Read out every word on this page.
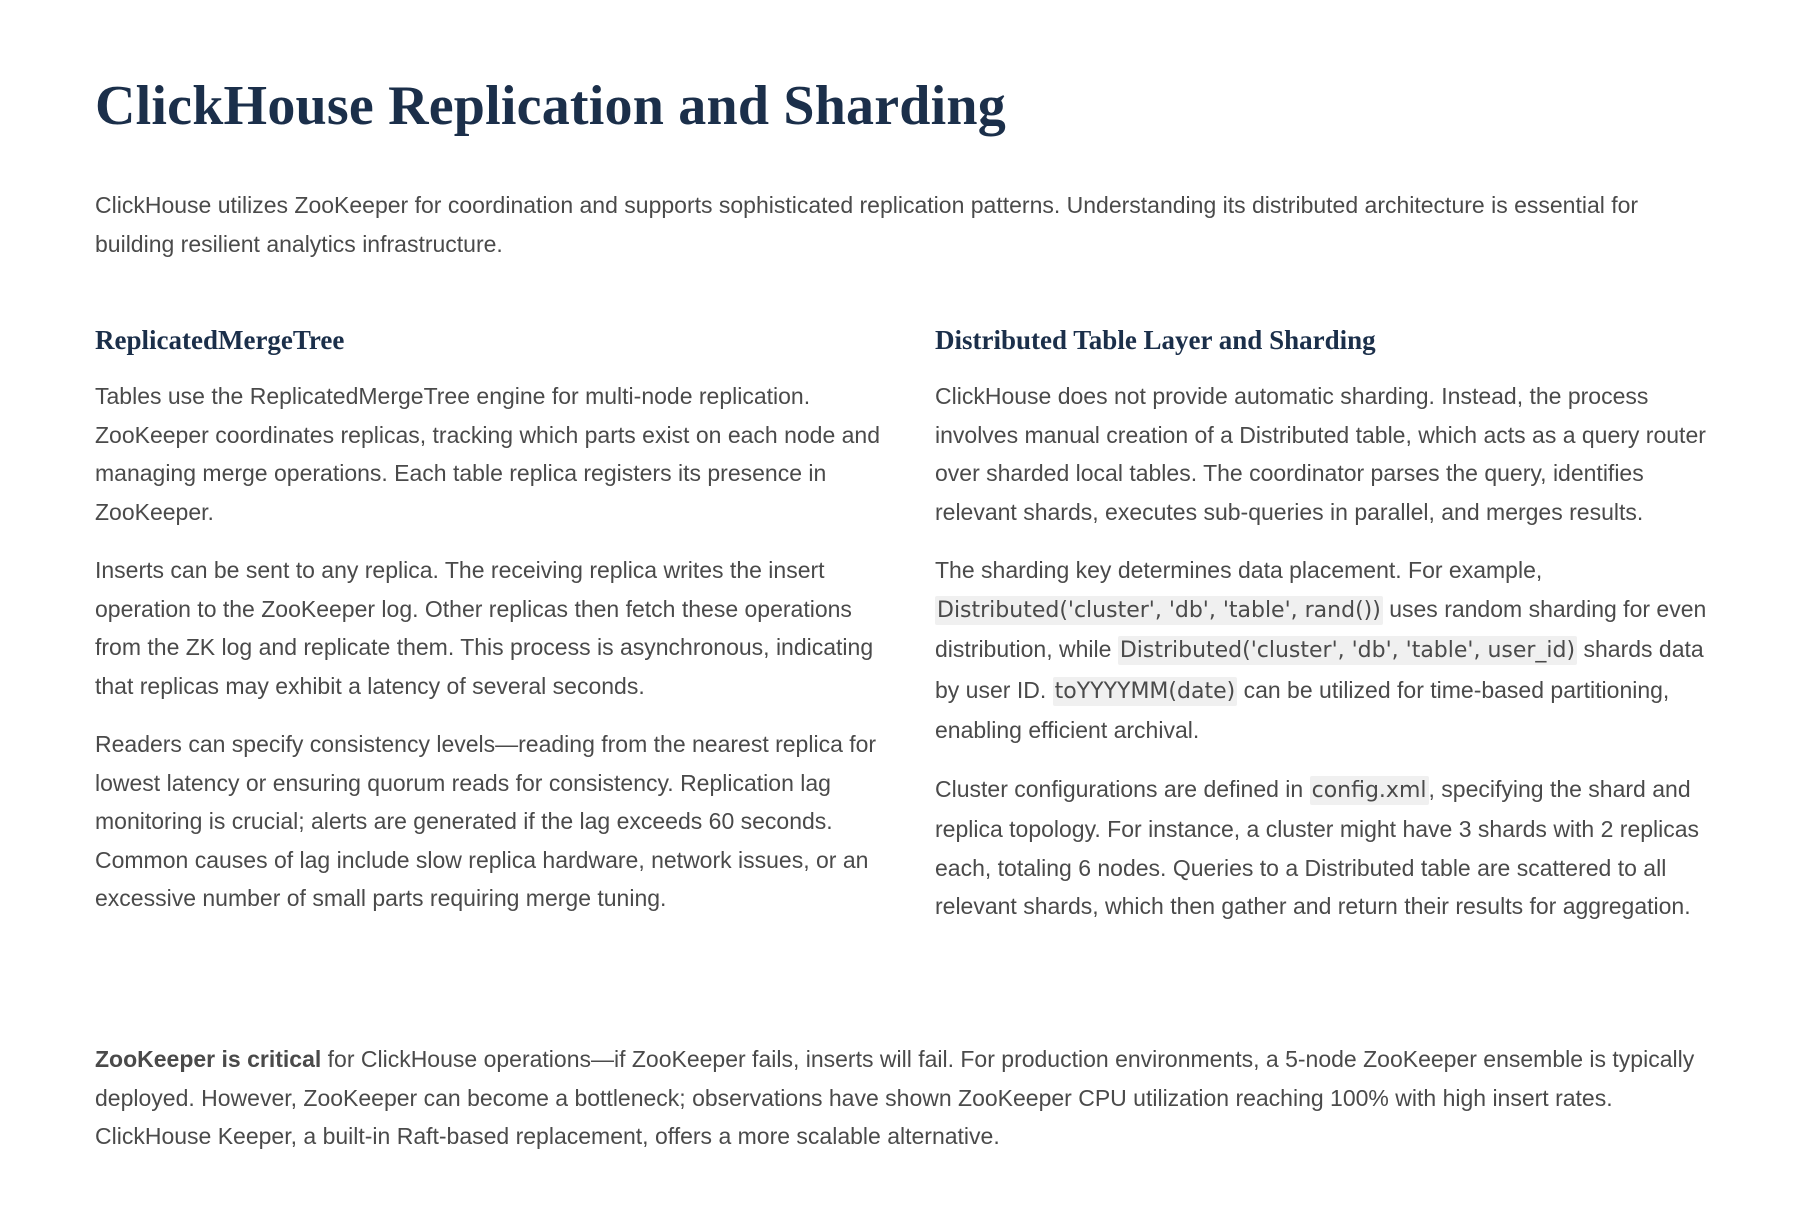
ClickHouse Replication and Sharding

ClickHouse utilizes ZooKeeper for coordination and supports sophisticated replication patterns. Understanding its distributed architecture is essential for building resilient analytics infrastructure.

ReplicatedMergeTree

Tables use the ReplicatedMergeTree engine for multi-node replication. ZooKeeper coordinates replicas, tracking which parts exist on each node and managing merge operations. Each table replica registers its presence in ZooKeeper.

Inserts can be sent to any replica. The receiving replica writes the insert operation to the ZooKeeper log. Other replicas then fetch these operations from the ZK log and replicate them. This process is asynchronous, indicating that replicas may exhibit a latency of several seconds.

Readers can specify consistency levels—reading from the nearest replica for lowest latency or ensuring quorum reads for consistency. Replication lag monitoring is crucial; alerts are generated if the lag exceeds 60 seconds. Common causes of lag include slow replica hardware, network issues, or an excessive number of small parts requiring merge tuning.

Distributed Table Layer and Sharding

ClickHouse does not provide automatic sharding. Instead, the process involves manual creation of a Distributed table, which acts as a query router over sharded local tables. The coordinator parses the query, identifies relevant shards, executes sub-queries in parallel, and merges results.

The sharding key determines data placement. For example, Distributed('cluster', 'db', 'table', rand()) uses random sharding for even distribution, while Distributed('cluster', 'db', 'table', user_id) shards data by user ID. toYYYYMM(date) can be utilized for time-based partitioning, enabling efficient archival.

Cluster configurations are defined in config.xml, specifying the shard and replica topology. For instance, a cluster might have 3 shards with 2 replicas each, totaling 6 nodes. Queries to a Distributed table are scattered to all relevant shards, which then gather and return their results for aggregation.

ZooKeeper is critical for ClickHouse operations—if ZooKeeper fails, inserts will fail. For production environments, a 5-node ZooKeeper ensemble is typically deployed. However, ZooKeeper can become a bottleneck; observations have shown ZooKeeper CPU utilization reaching 100% with high insert rates. ClickHouse Keeper, a built-in Raft-based replacement, offers a more scalable alternative.
